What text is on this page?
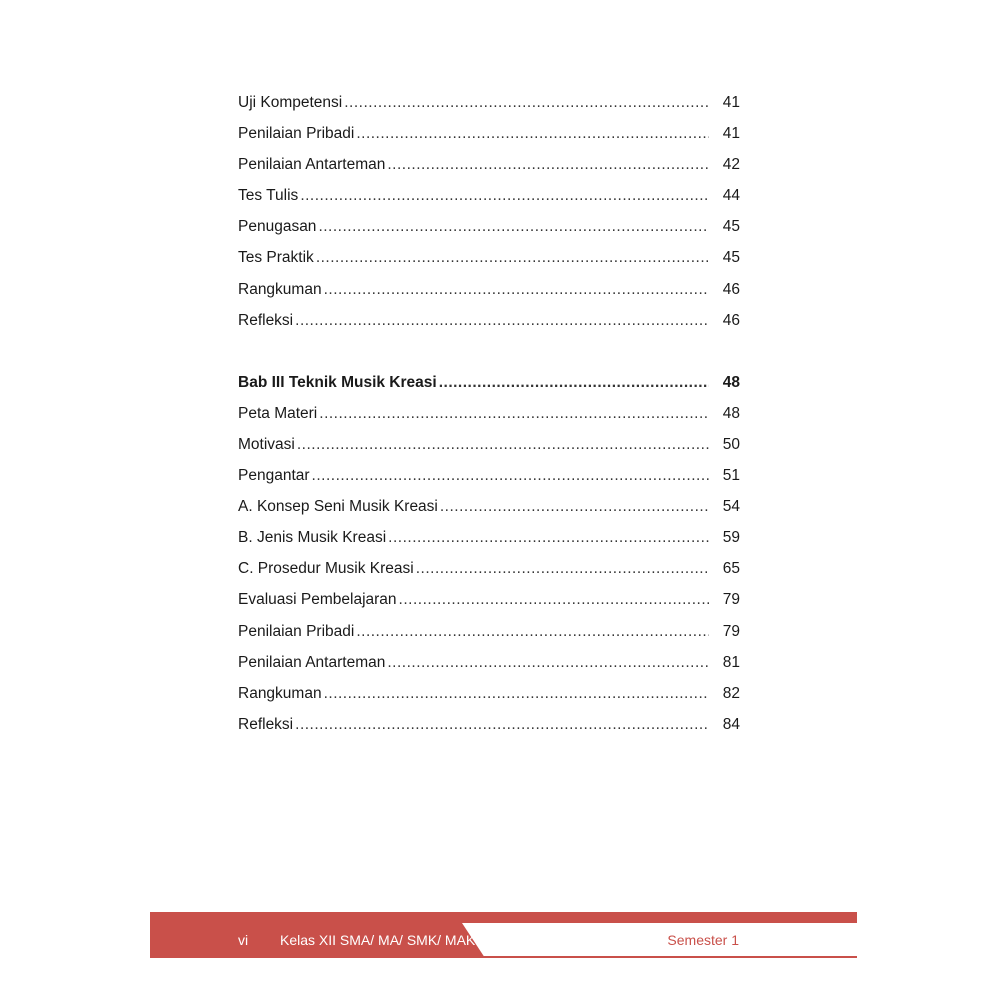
Uji Kompetensi .....	41
Penilaian Pribadi .....	41
Penilaian Antarteman .....	42
Tes Tulis .....	44
Penugasan .....	45
Tes Praktik .....	45
Rangkuman .....	46
Refleksi .....	46
Bab III Teknik Musik Kreasi .....	48
Peta Materi .....	48
Motivasi .....	50
Pengantar .....	51
A. Konsep Seni Musik Kreasi .....	54
B. Jenis Musik Kreasi .....	59
C. Prosedur Musik Kreasi .....	65
Evaluasi Pembelajaran .....	79
Penilaian Pribadi .....	79
Penilaian Antarteman .....	81
Rangkuman .....	82
Refleksi .....	84
vi Kelas XII SMA/ MA/ SMK/ MAK	Semester 1
